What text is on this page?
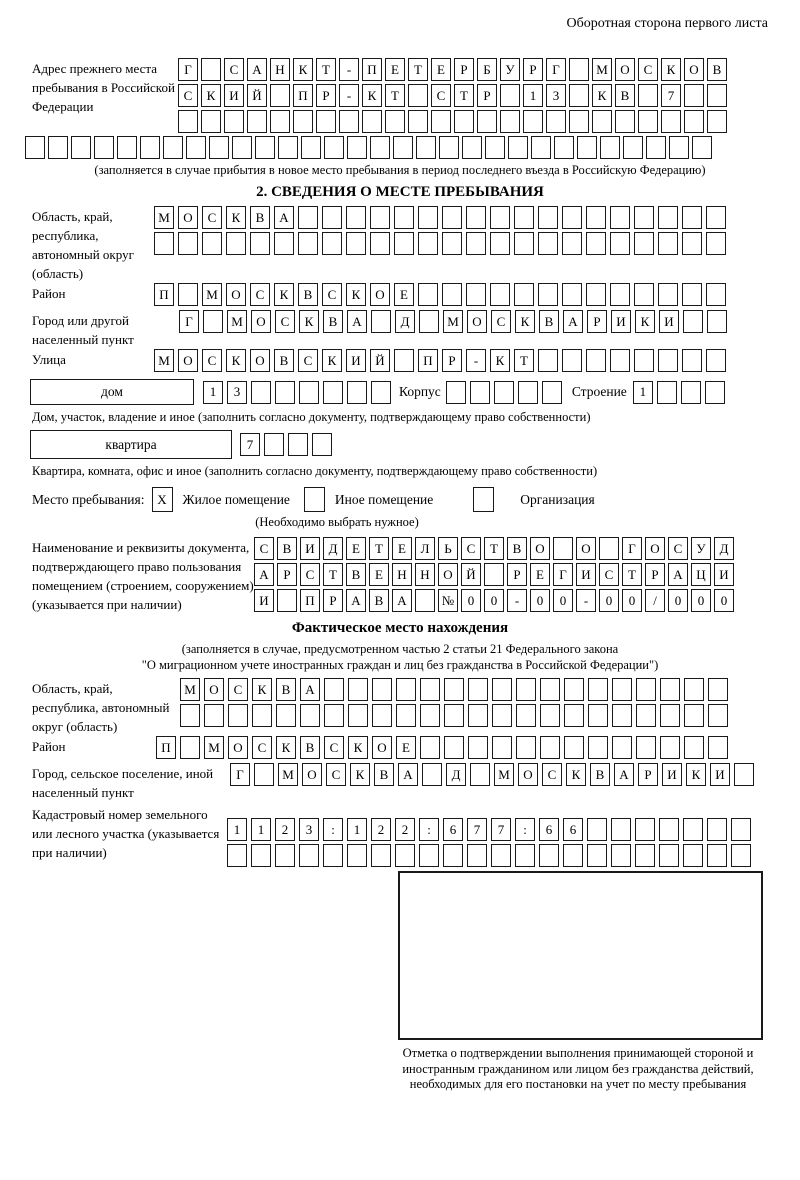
Оборотная сторона первого листа
Адрес прежнего места пребывания в Российской Федерации
Г	С	А	Н	К	Т	-	П	Е	Т	Е	Р	Б	У	Р	Г	М О	С	К	О	В
С	К	И	Й	П	Р	-	К	Т	С	Т	Р	1	3	К	В	7
(заполняется в случае прибытия в новое место пребывания в период последнего въезда в Российскую Федерацию)
2. СВЕДЕНИЯ О МЕСТЕ ПРЕБЫВАНИЯ
Область, край, республика, автономный округ (область)
М	О	С	К	В	А
Район	П	М	О	С	К	В	С	К	О	Е
Город или другой населенный пункт
Г	М	О	С	К	В	А	Д	М	О	С	К	В	А	Р	И	К	И
Улица	М	О	С	К	О	В	С	К	И	Й	П	Р	-	К	Т
дом	1	3	Корпус	Строение 1
Дом, участок, владение и иное (заполнить согласно документу, подтверждающему право собственности)
квартира	7
Квартира, комната, офис и иное (заполнить согласно документу, подтверждающему право собственности)
Место пребывания: X Жилое помещение	Иное помещение	Организация
(Необходимо выбрать нужное)
Наименование и реквизиты документа, подтверждающего право пользования помещением (строением, сооружением) (указывается при наличии)
С	В	И	Д	Е	Т	Е	Л	Ь	С	Т	В	О	О	Г	О	С	У	Д
А	Р	С	Т	В	Е	Н	Н	О	Й	Р	Е	Г	И	С	Т	Р	А	Ц	И
И	П	Р	А	В	А	№	0	0	-	0	0	-	0	0	/	0	0	0
Фактическое место нахождения
(заполняется в случае, предусмотренном частью 2 статьи 21 Федерального закона
"О миграционном учете иностранных граждан и лиц без гражданства в Российской Федерации")
Область, край, республика, автономный округ (область)
М	О	С	К	В	А
Район	П	М	О	С	К	В	С	К	О	Е
Город, сельское поселение, иной населенный пункт
Г	М	О	С	К	В	А	Д	М	О	С	К	В	А	Р	И	К	И
Кадастровый номер земельного или лесного участка (указывается при наличии)
1	1	2	3	:	1	2	2	:	6	7	7	:	6	6
Отметка о подтверждении выполнения принимающей стороной и иностранным гражданином или лицом без гражданства действий, необходимых для его постановки на учет по месту пребывания
